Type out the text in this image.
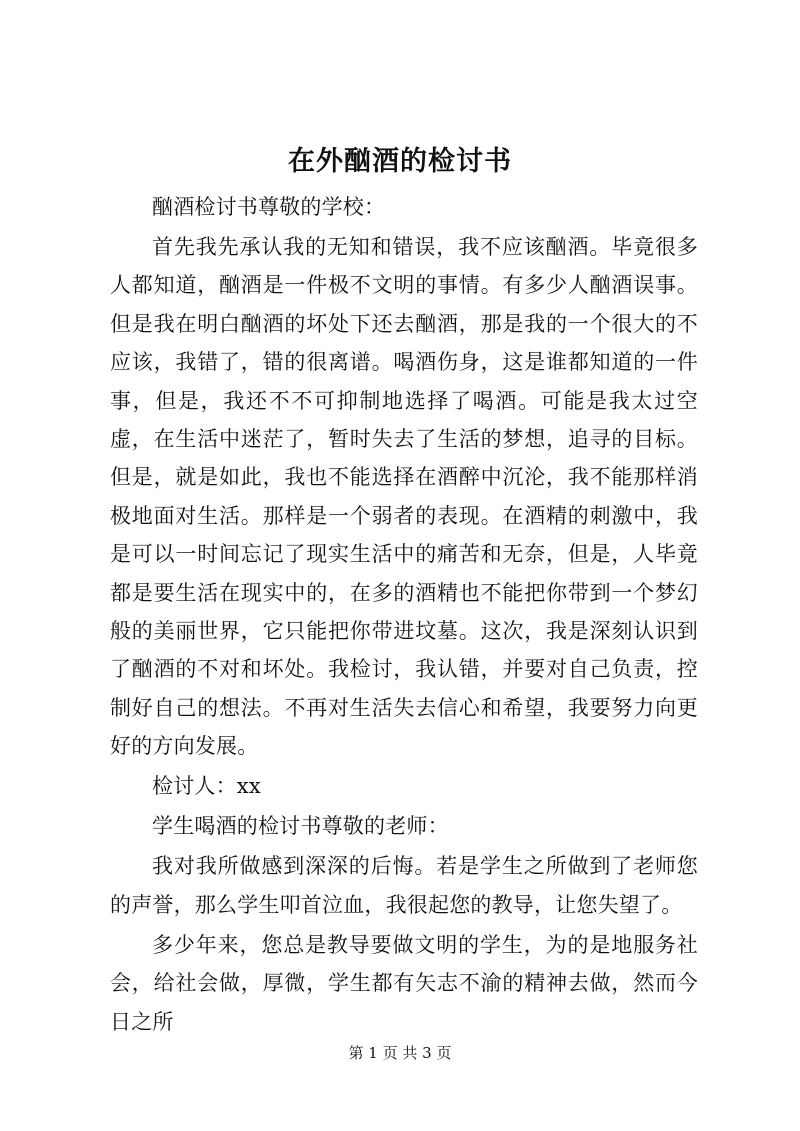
在外酗酒的检讨书

酗酒检讨书尊敬的学校：

首先我先承认我的无知和错误，我不应该酗酒。毕竟很多人都知道，酗酒是一件极不文明的事情。有多少人酗酒误事。但是我在明白酗酒的坏处下还去酗酒，那是我的一个很大的不应该，我错了，错的很离谱。喝酒伤身，这是谁都知道的一件事，但是，我还不不可抑制地选择了喝酒。可能是我太过空虚，在生活中迷茫了，暂时失去了生活的梦想，追寻的目标。但是，就是如此，我也不能选择在酒醉中沉沦，我不能那样消极地面对生活。那样是一个弱者的表现。在酒精的刺激中，我是可以一时间忘记了现实生活中的痛苦和无奈，但是，人毕竟都是要生活在现实中的，在多的酒精也不能把你带到一个梦幻般的美丽世界，它只能把你带进坟墓。这次，我是深刻认识到了酗酒的不对和坏处。我检讨，我认错，并要对自己负责，控制好自己的想法。不再对生活失去信心和希望，我要努力向更好的方向发展。

检讨人：xx

学生喝酒的检讨书尊敬的老师：

我对我所做感到深深的后悔。若是学生之所做到了老师您的声誉，那么学生叩首泣血，我很起您的教导，让您失望了。

多少年来，您总是教导要做文明的学生，为的是地服务社会，给社会做，厚微，学生都有矢志不渝的精神去做，然而今日之所

第 1 页 共 3 页
